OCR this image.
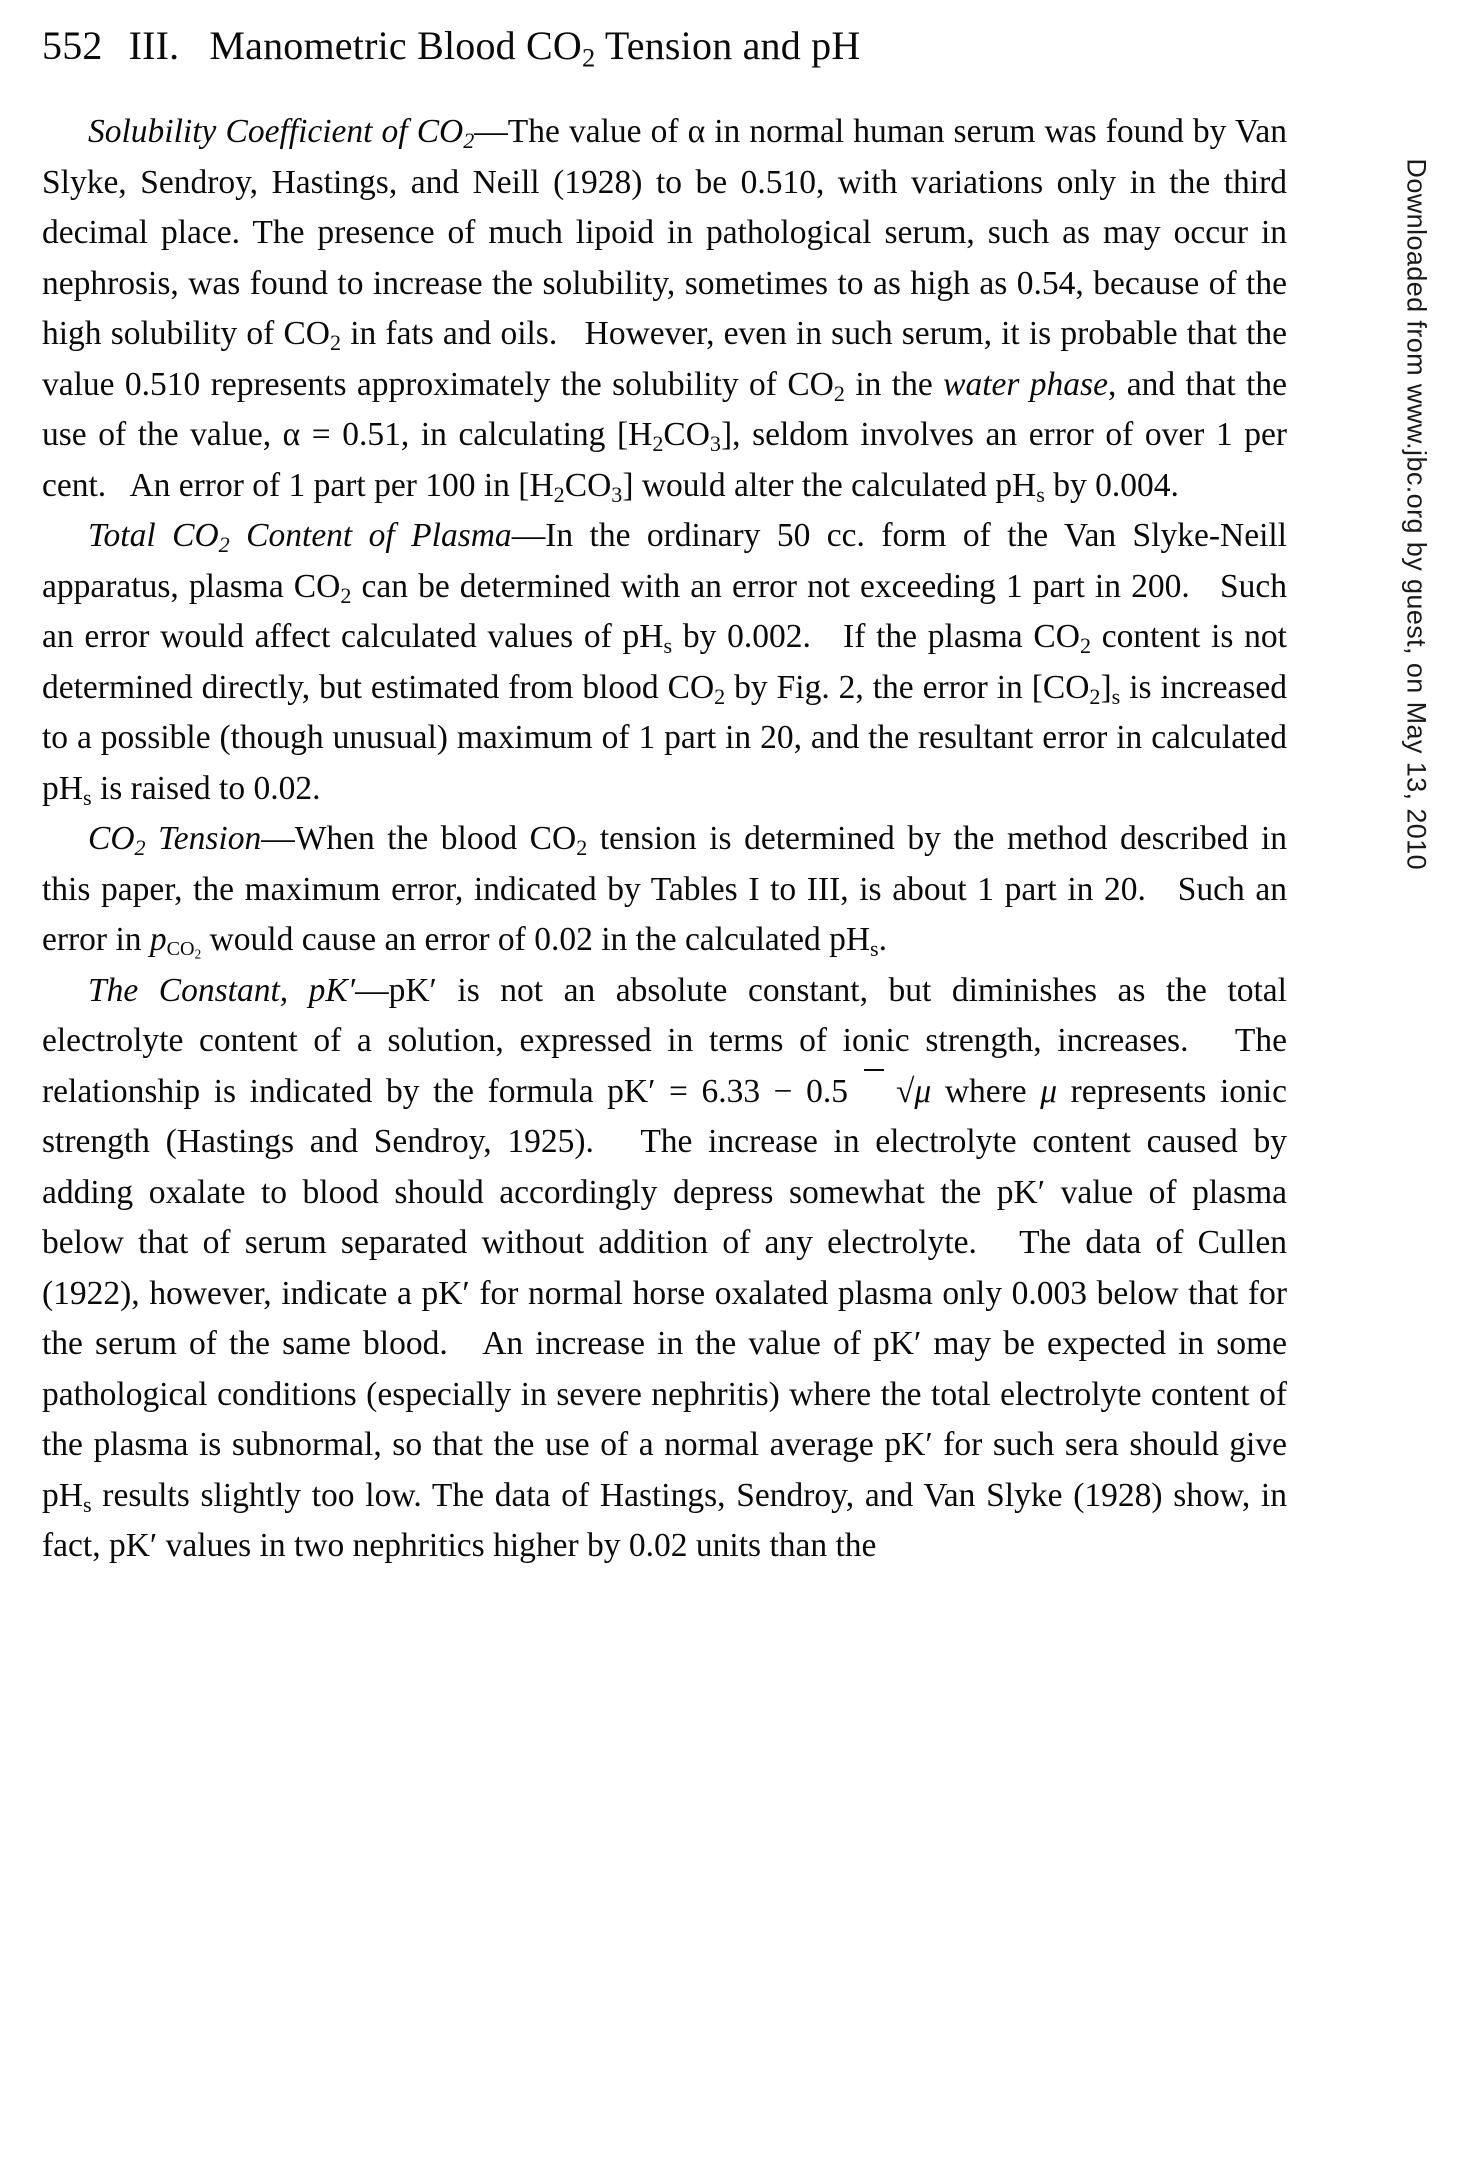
552 III. Manometric Blood $CO_2$ Tension and pH

Solubility Coefficient of $CO_2—The$ value of α in normal human serum was found by Van Slyke, Sendroy, Hastings, and Neill (1928) to be 0.510, with variations only in the third decimal place. The presence of much lipoid in pathological serum, such as may occur in nephrosis, was found to increase the solubility, sometimes to as high as 0.54, because of the high solubility of $CO_2$ in fats and oils.   However, even in such serum, it is probable that the value 0.510 represents approximately the solubility of $CO_2$ in the water phase, and that the use of the value, α = 0.51, in calculating $[H_2CO_3]$, seldom involves an error of over 1 per cent.   An error of 1 part per 100 in $[H_2CO_3]$ would alter the calculated $pH_s$ by 0.004.

Total $CO_2$ Content of Plasma—In the ordinary 50 cc. form of the Van Slyke-Neill apparatus, plasma $CO_2$ can be determined with an error not exceeding 1 part in 200.   Such an error would affect calculated values of $pH_s$ by 0.002.   If the plasma $CO_2$ content is not determined directly, but estimated from blood $CO_2$ by Fig. 2, the error in $[CO_2]_s$ is increased to a possible (though unusual) maximum of 1 part in 20, and the resultant error in calculated $pH_s$ is raised to 0.02.

$CO_2$ Tension—When the blood $CO_2$ tension is determined by the method described in this paper, the maximum error, indicated by Tables I to III, is about 1 part in 20.   Such an error in pCO$_2$ would cause an error of 0.02 in the calculated $pH_s$.

The Constant, pK′—pK′ is not an absolute constant, but diminishes as the total electrolyte content of a solution, expressed in terms of ionic strength, increases.   The relationship is indicated by the formula pK′ = 6.33 − 0.5 √
μ where μ represents ionic strength (Hastings and Sendroy, 1925).   The increase in electrolyte content caused by adding oxalate to blood should accordingly depress somewhat the pK′ value of plasma below that of serum separated without addition of any electrolyte.   The data of Cullen (1922), however, indicate a pK′ for normal horse oxalated plasma only 0.003 below that for the serum of the same blood.   An increase in the value of pK′ may be expected in some pathological conditions (especially in severe nephritis) where the total electrolyte content of the plasma is subnormal, so that the use of a normal average pK′ for such sera should give $pH_s$ results slightly too low. The data of Hastings, Sendroy, and Van Slyke (1928) show, in fact, pK′ values in two nephritics higher by 0.02 units than the

Downloaded from www.jbc.org by guest, on May 13, 2010
